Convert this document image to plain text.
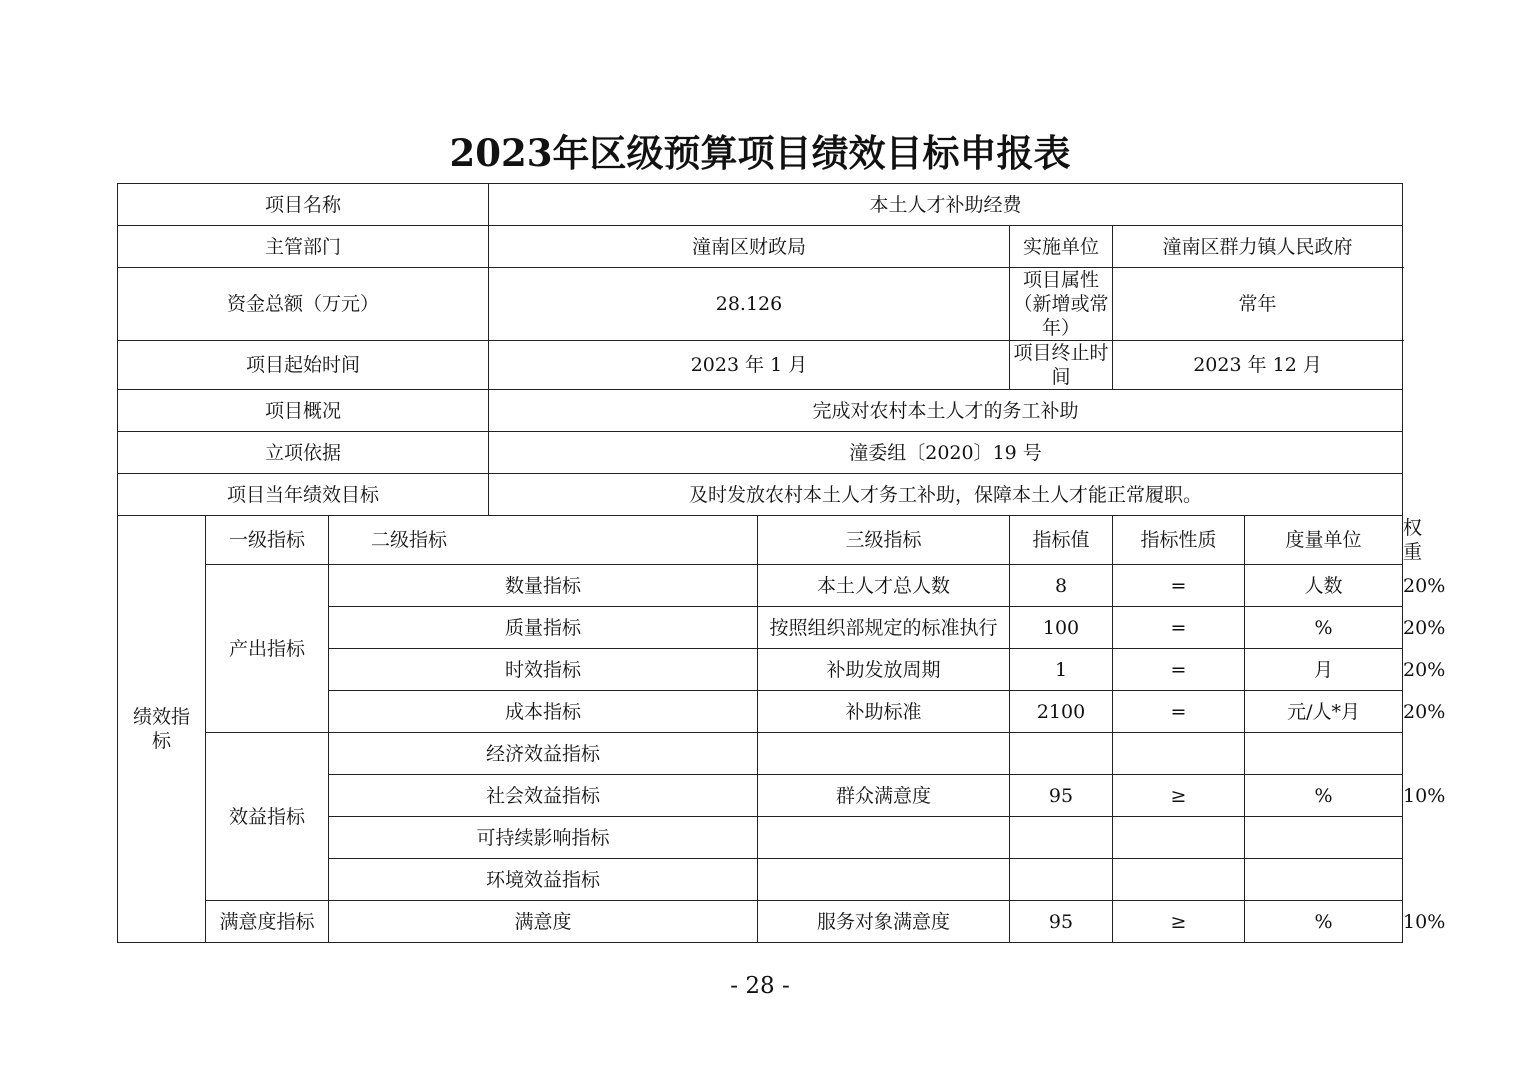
2023年区级预算项目绩效目标申报表
项目名称			本土人才补助经费					
主管部门			潼南区财政局		实施单位	潼南区群力镇人民政府		
资金总额（万元）			28.126		项目属性（新增或常年）	常年		
项目起始时间			2023 年 1 月		项目终止时间	2023 年 12 月		
项目概况			完成对农村本土人才的务工补助					
立项依据			潼委组〔2020〕19 号					
项目当年绩效目标			及时发放农村本土人才务工补助，保障本土人才能正常履职。					
绩效指标	一级指标	二级指标		三级指标	指标值	指标性质	度量单位	权重
	产出指标	数量指标		本土人才总人数	8	=	人数	20%
		质量指标		按照组织部规定的标准执行	100	=	%	20%
		时效指标		补助发放周期	1	=	月	20%
		成本指标		补助标准	2100	=	元/人*月	20%
	效益指标	经济效益指标						
		社会效益指标		群众满意度	95	≥	%	10%
		可持续影响指标						
		环境效益指标						
	满意度指标	满意度		服务对象满意度	95	≥	%	10%
- 28 -
